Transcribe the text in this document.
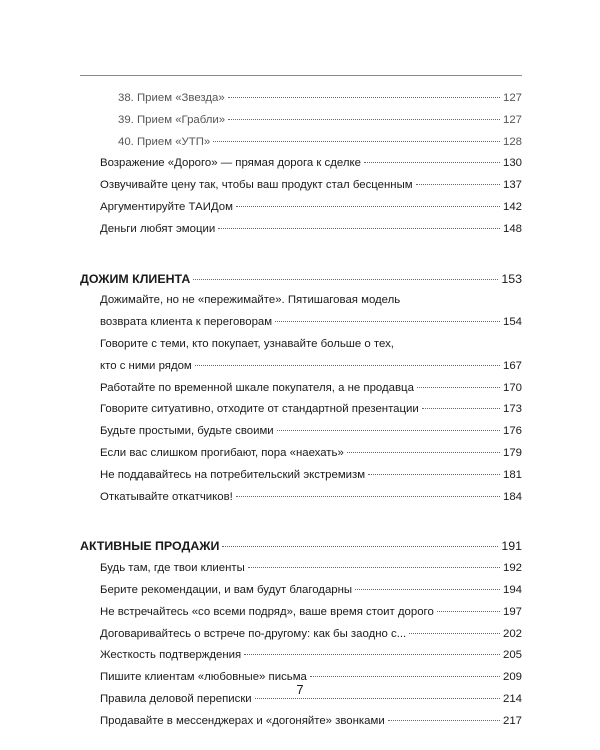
38. Прием «Звезда»	127
39. Прием «Грабли»	127
40. Прием «УТП»	128
Возражение «Дорого» — прямая дорога к сделке	130
Озвучивайте цену так, чтобы ваш продукт стал бесценным	137
Аргументируйте ТАИДом	142
Деньги любят эмоции	148
ДОЖИМ КЛИЕНТА	153
Дожимайте, но не «пережимайте». Пятишаговая модель
возврата клиента к переговорам	154
Говорите с теми, кто покупает, узнавайте больше о тех,
кто с ними рядом	167
Работайте по временной шкале покупателя, а не продавца	170
Говорите ситуативно, отходите от стандартной презентации	173
Будьте простыми, будьте своими	176
Если вас слишком прогибают, пора «наехать»	179
Не поддавайтесь на потребительский экстремизм	181
Откатывайте откатчиков!	184
АКТИВНЫЕ ПРОДАЖИ	191
Будь там, где твои клиенты	192
Берите рекомендации, и вам будут благодарны	194
Не встречайтесь «со всеми подряд», ваше время стоит дорого	197
Договаривайтесь о встрече по-другому: как бы заодно с...	202
Жесткость подтверждения	205
Пишите клиентам «любовные» письма	209
Правила деловой переписки	214
Продавайте в мессенджерах и «догоняйте» звонками	217
7
